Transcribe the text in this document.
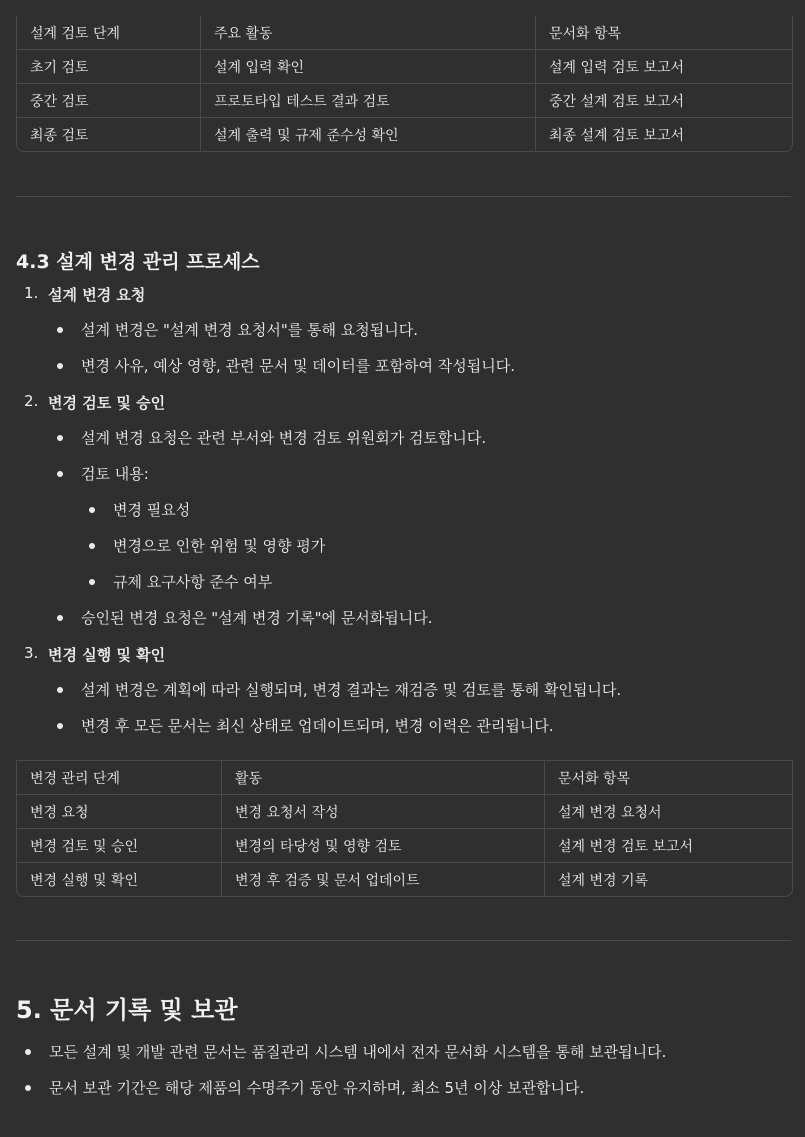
설계 검토 단계	주요 활동	문서화 항목
초기 검토	설계 입력 확인	설계 입력 검토 보고서
중간 검토	프로토타입 테스트 결과 검토	중간 설계 검토 보고서
최종 검토	설계 출력 및 규제 준수성 확인	최종 설계 검토 보고서
4.3 설계 변경 관리 프로세스
1. 설계 변경 요청
설계 변경은 "설계 변경 요청서"를 통해 요청됩니다.
변경 사유, 예상 영향, 관련 문서 및 데이터를 포함하여 작성됩니다.
2. 변경 검토 및 승인
설계 변경 요청은 관련 부서와 변경 검토 위원회가 검토합니다.
검토 내용:
변경 필요성
변경으로 인한 위험 및 영향 평가
규제 요구사항 준수 여부
승인된 변경 요청은 "설계 변경 기록"에 문서화됩니다.
3. 변경 실행 및 확인
설계 변경은 계획에 따라 실행되며, 변경 결과는 재검증 및 검토를 통해 확인됩니다.
변경 후 모든 문서는 최신 상태로 업데이트되며, 변경 이력은 관리됩니다.
변경 관리 단계	활동	문서화 항목
변경 요청	변경 요청서 작성	설계 변경 요청서
변경 검토 및 승인	변경의 타당성 및 영향 검토	설계 변경 검토 보고서
변경 실행 및 확인	변경 후 검증 및 문서 업데이트	설계 변경 기록
5. 문서 기록 및 보관
모든 설계 및 개발 관련 문서는 품질관리 시스템 내에서 전자 문서화 시스템을 통해 보관됩니다.
문서 보관 기간은 해당 제품의 수명주기 동안 유지하며, 최소 5년 이상 보관합니다.
